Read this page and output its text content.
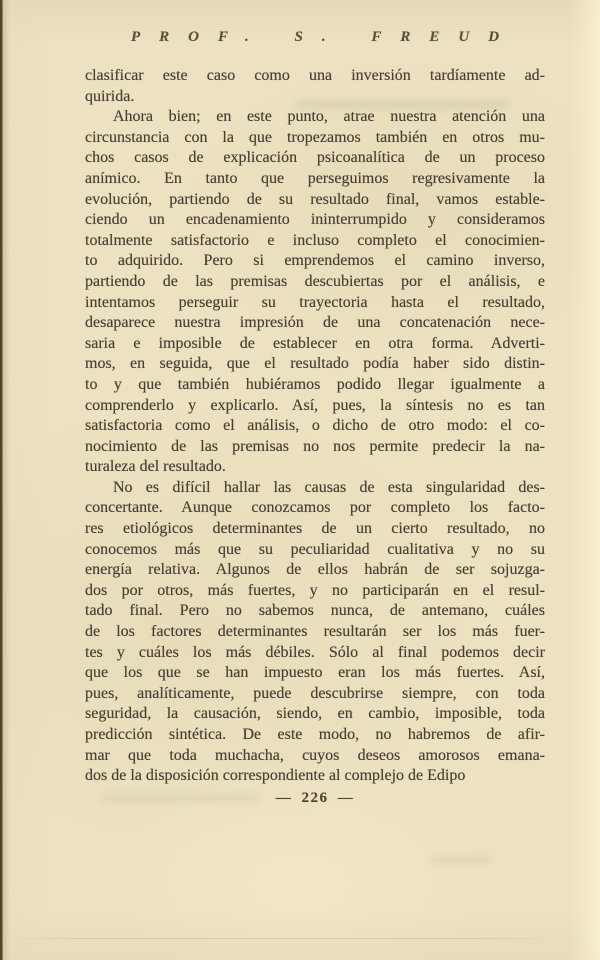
PROF. S. FREUD
clasificar este caso como una inversión tardíamente ad-
quirida.
Ahora bien; en este punto, atrae nuestra atención una
circunstancia con la que tropezamos también en otros mu-
chos casos de explicación psicoanalítica de un proceso
anímico. En tanto que perseguimos regresivamente la
evolución, partiendo de su resultado final, vamos estable-
ciendo un encadenamiento ininterrumpido y consideramos
totalmente satisfactorio e incluso completo el conocimien-
to adquirido. Pero si emprendemos el camino inverso,
partiendo de las premisas descubiertas por el análisis, e
intentamos perseguir su trayectoria hasta el resultado,
desaparece nuestra impresión de una concatenación nece-
saria e imposible de establecer en otra forma. Adverti-
mos, en seguida, que el resultado podía haber sido distin-
to y que también hubiéramos podido llegar igualmente a
comprenderlo y explicarlo. Así, pues, la síntesis no es tan
satisfactoria como el análisis, o dicho de otro modo: el co-
nocimiento de las premisas no nos permite predecir la na-
turaleza del resultado.
No es difícil hallar las causas de esta singularidad des-
concertante. Aunque conozcamos por completo los facto-
res etiológicos determinantes de un cierto resultado, no
conocemos más que su peculiaridad cualitativa y no su
energía relativa. Algunos de ellos habrán de ser sojuzga-
dos por otros, más fuertes, y no participarán en el resul-
tado final. Pero no sabemos nunca, de antemano, cuáles
de los factores determinantes resultarán ser los más fuer-
tes y cuáles los más débiles. Sólo al final podemos decir
que los que se han impuesto eran los más fuertes. Así,
pues, analíticamente, puede descubrirse siempre, con toda
seguridad, la causación, siendo, en cambio, imposible, toda
predicción sintética. De este modo, no habremos de afir-
mar que toda muchacha, cuyos deseos amorosos emana-
dos de la disposición correspondiente al complejo de Edipo
— 226 —
